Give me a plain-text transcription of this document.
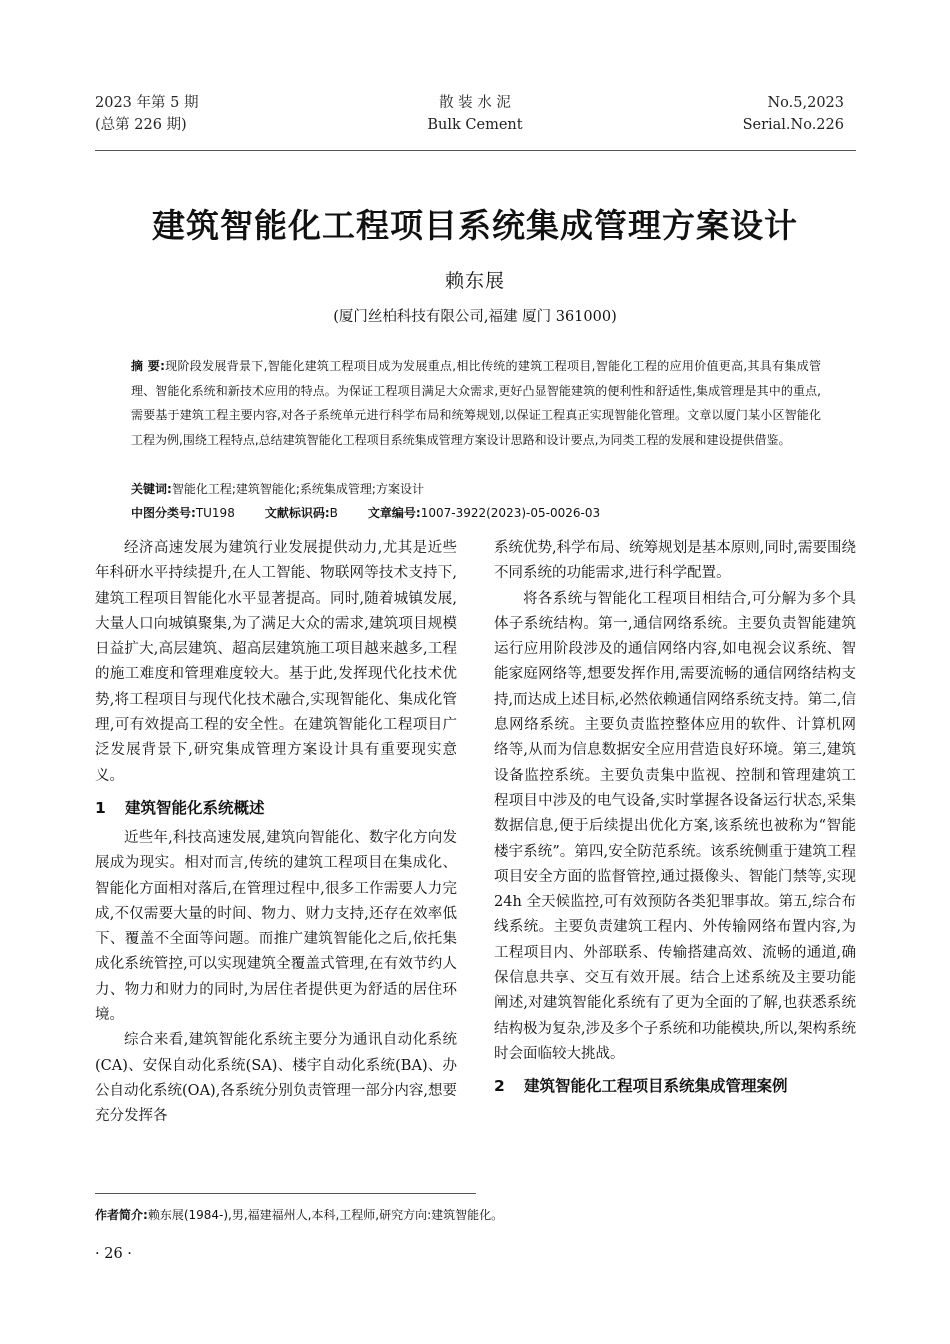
2023 年第 5 期
(总第 226 期)
散 装 水 泥
Bulk Cement
No.5,2023
Serial.No.226
建筑智能化工程项目系统集成管理方案设计
赖东展
(厦门丝柏科技有限公司,福建 厦门 361000)
摘 要:现阶段发展背景下,智能化建筑工程项目成为发展重点,相比传统的建筑工程项目,智能化工程的应用价值更高,其具有集成管理、智能化系统和新技术应用的特点。为保证工程项目满足大众需求,更好凸显智能建筑的便利性和舒适性,集成管理是其中的重点,需要基于建筑工程主要内容,对各子系统单元进行科学布局和统筹规划,以保证工程真正实现智能化管理。文章以厦门某小区智能化工程为例,围绕工程特点,总结建筑智能化工程项目系统集成管理方案设计思路和设计要点,为同类工程的发展和建设提供借鉴。
关键词:智能化工程;建筑智能化;系统集成管理;方案设计
中图分类号:TU198	文献标识码:B	文章编号:1007-3922(2023)-05-0026-03

经济高速发展为建筑行业发展提供动力,尤其是近些年科研水平持续提升,在人工智能、物联网等技术支持下,建筑工程项目智能化水平显著提高。同时,随着城镇发展,大量人口向城镇聚集,为了满足大众的需求,建筑项目规模日益扩大,高层建筑、超高层建筑施工项目越来越多,工程的施工难度和管理难度较大。基于此,发挥现代化技术优势,将工程项目与现代化技术融合,实现智能化、集成化管理,可有效提高工程的安全性。在建筑智能化工程项目广泛发展背景下,研究集成管理方案设计具有重要现实意义。

1 建筑智能化系统概述

近些年,科技高速发展,建筑向智能化、数字化方向发展成为现实。相对而言,传统的建筑工程项目在集成化、智能化方面相对落后,在管理过程中,很多工作需要人力完成,不仅需要大量的时间、物力、财力支持,还存在效率低下、覆盖不全面等问题。而推广建筑智能化之后,依托集成化系统管控,可以实现建筑全覆盖式管理,在有效节约人力、物力和财力的同时,为居住者提供更为舒适的居住环境。

综合来看,建筑智能化系统主要分为通讯自动化系统(CA)、安保自动化系统(SA)、楼宇自动化系统(BA)、办公自动化系统(OA),各系统分别负责管理一部分内容,想要充分发挥各

系统优势,科学布局、统筹规划是基本原则,同时,需要围绕不同系统的功能需求,进行科学配置。

将各系统与智能化工程项目相结合,可分解为多个具体子系统结构。第一,通信网络系统。主要负责智能建筑运行应用阶段涉及的通信网络内容,如电视会议系统、智能家庭网络等,想要发挥作用,需要流畅的通信网络结构支持,而达成上述目标,必然依赖通信网络系统支持。第二,信息网络系统。主要负责监控整体应用的软件、计算机网络等,从而为信息数据安全应用营造良好环境。第三,建筑设备监控系统。主要负责集中监视、控制和管理建筑工程项目中涉及的电气设备,实时掌握各设备运行状态,采集数据信息,便于后续提出优化方案,该系统也被称为“智能楼宇系统”。第四,安全防范系统。该系统侧重于建筑工程项目安全方面的监督管控,通过摄像头、智能门禁等,实现 24h 全天候监控,可有效预防各类犯罪事故。第五,综合布线系统。主要负责建筑工程内、外传输网络布置内容,为工程项目内、外部联系、传输搭建高效、流畅的通道,确保信息共享、交互有效开展。结合上述系统及主要功能阐述,对建筑智能化系统有了更为全面的了解,也获悉系统结构极为复杂,涉及多个子系统和功能模块,所以,架构系统时会面临较大挑战。

2 建筑智能化工程项目系统集成管理案例
作者简介:赖东展(1984-),男,福建福州人,本科,工程师,研究方向:建筑智能化。
· 26 ·
